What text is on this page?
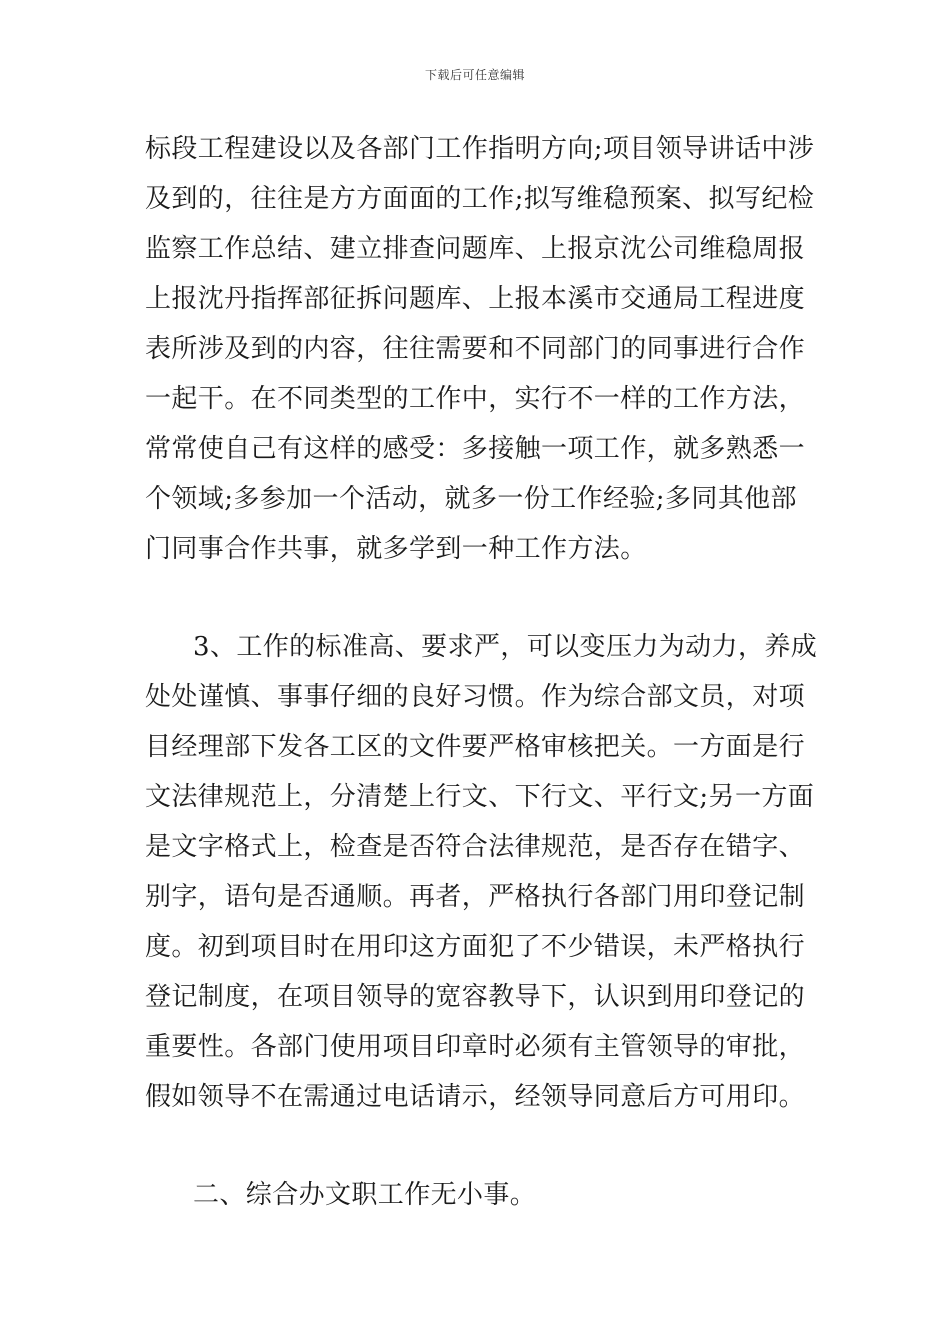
下载后可任意编辑
标段工程建设以及各部门工作指明方向;项目领导讲话中涉
及到的，往往是方方面面的工作;拟写维稳预案、拟写纪检
监察工作总结、建立排查问题库、上报京沈公司维稳周报
上报沈丹指挥部征拆问题库、上报本溪市交通局工程进度
表所涉及到的内容，往往需要和不同部门的同事进行合作
一起干。在不同类型的工作中，实行不一样的工作方法，
常常使自己有这样的感受：多接触一项工作，就多熟悉一
个领域;多参加一个活动，就多一份工作经验;多同其他部
门同事合作共事，就多学到一种工作方法。
3、工作的标准高、要求严，可以变压力为动力，养成
处处谨慎、事事仔细的良好习惯。作为综合部文员，对项
目经理部下发各工区的文件要严格审核把关。一方面是行
文法律规范上，分清楚上行文、下行文、平行文;另一方面
是文字格式上，检查是否符合法律规范，是否存在错字、
别字，语句是否通顺。再者，严格执行各部门用印登记制
度。初到项目时在用印这方面犯了不少错误，未严格执行
登记制度，在项目领导的宽容教导下，认识到用印登记的
重要性。各部门使用项目印章时必须有主管领导的审批，
假如领导不在需通过电话请示，经领导同意后方可用印。
二、综合办文职工作无小事。
